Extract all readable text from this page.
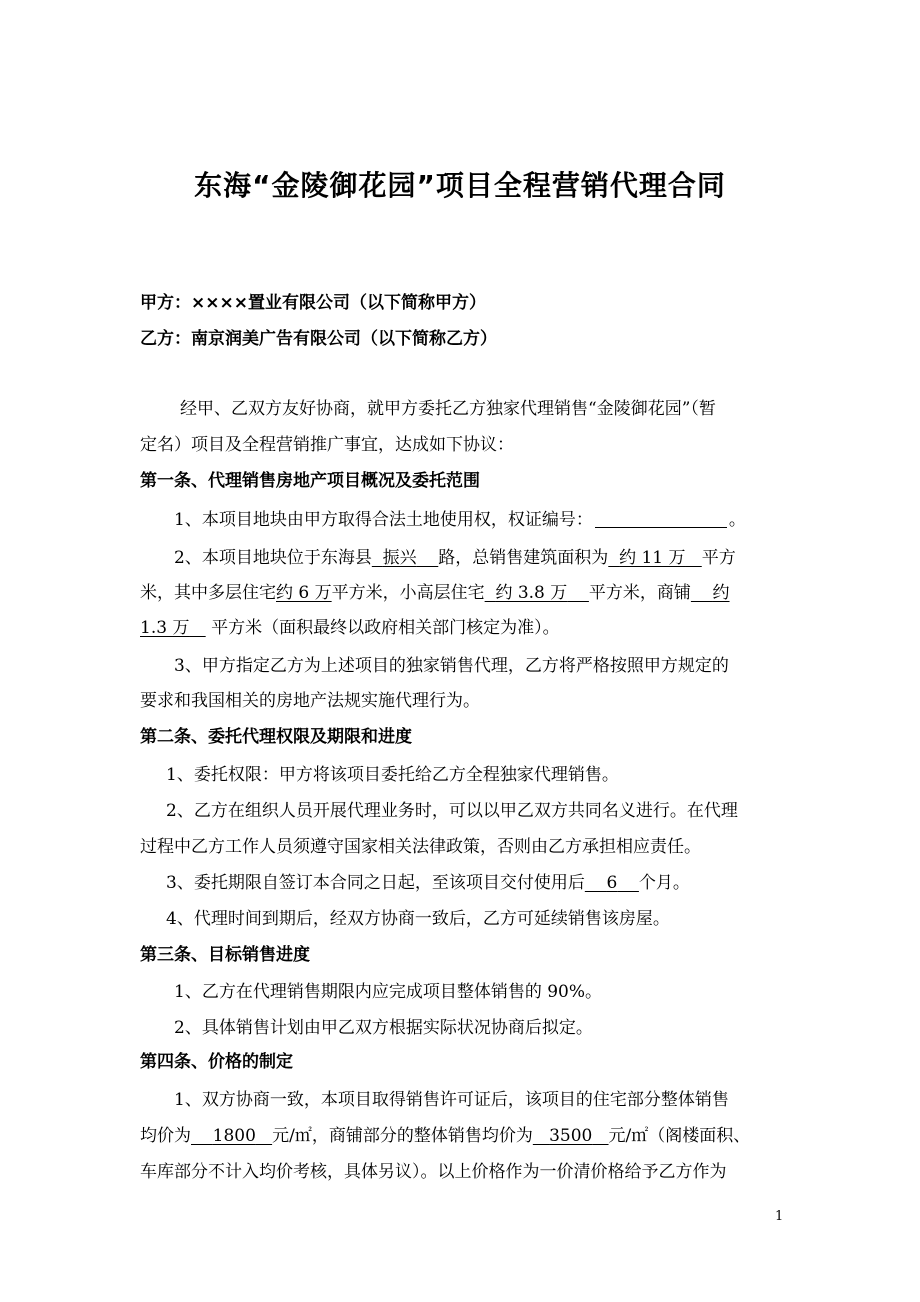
东海“金陵御花园”项目全程营销代理合同
甲方：××××置业有限公司（以下简称甲方）
乙方：南京润美广告有限公司（以下简称乙方）
经甲、乙双方友好协商，就甲方委托乙方独家代理销售“金陵御花园”（暂
定名）项目及全程营销推广事宜，达成如下协议：
第一条、代理销售房地产项目概况及委托范围
1、本项目地块由甲方取得合法土地使用权，权证编号：	。
2、本项目地块位于东海县 振兴 路，总销售建筑面积为 约 11 万 平方
米，其中多层住宅约 6 万平方米，小高层住宅 约 3.8 万 平方米，商铺 约
1.3 万 平方米（面积最终以政府相关部门核定为准）。
3、甲方指定乙方为上述项目的独家销售代理，乙方将严格按照甲方规定的
要求和我国相关的房地产法规实施代理行为。
第二条、委托代理权限及期限和进度
1、委托权限：甲方将该项目委托给乙方全程独家代理销售。
2、乙方在组织人员开展代理业务时，可以以甲乙双方共同名义进行。在代理
过程中乙方工作人员须遵守国家相关法律政策，否则由乙方承担相应责任。
3、委托期限自签订本合同之日起，至该项目交付使用后 6 个月。
4、代理时间到期后，经双方协商一致后，乙方可延续销售该房屋。
第三条、目标销售进度
1、乙方在代理销售期限内应完成项目整体销售的 90%。
2、具体销售计划由甲乙双方根据实际状况协商后拟定。
第四条、价格的制定
1、双方协商一致，本项目取得销售许可证后，该项目的住宅部分整体销售
均价为 1800 元/㎡，商铺部分的整体销售均价为 3500 元/㎡（阁楼面积、
车库部分不计入均价考核，具体另议）。以上价格作为一价清价格给予乙方作为
1
